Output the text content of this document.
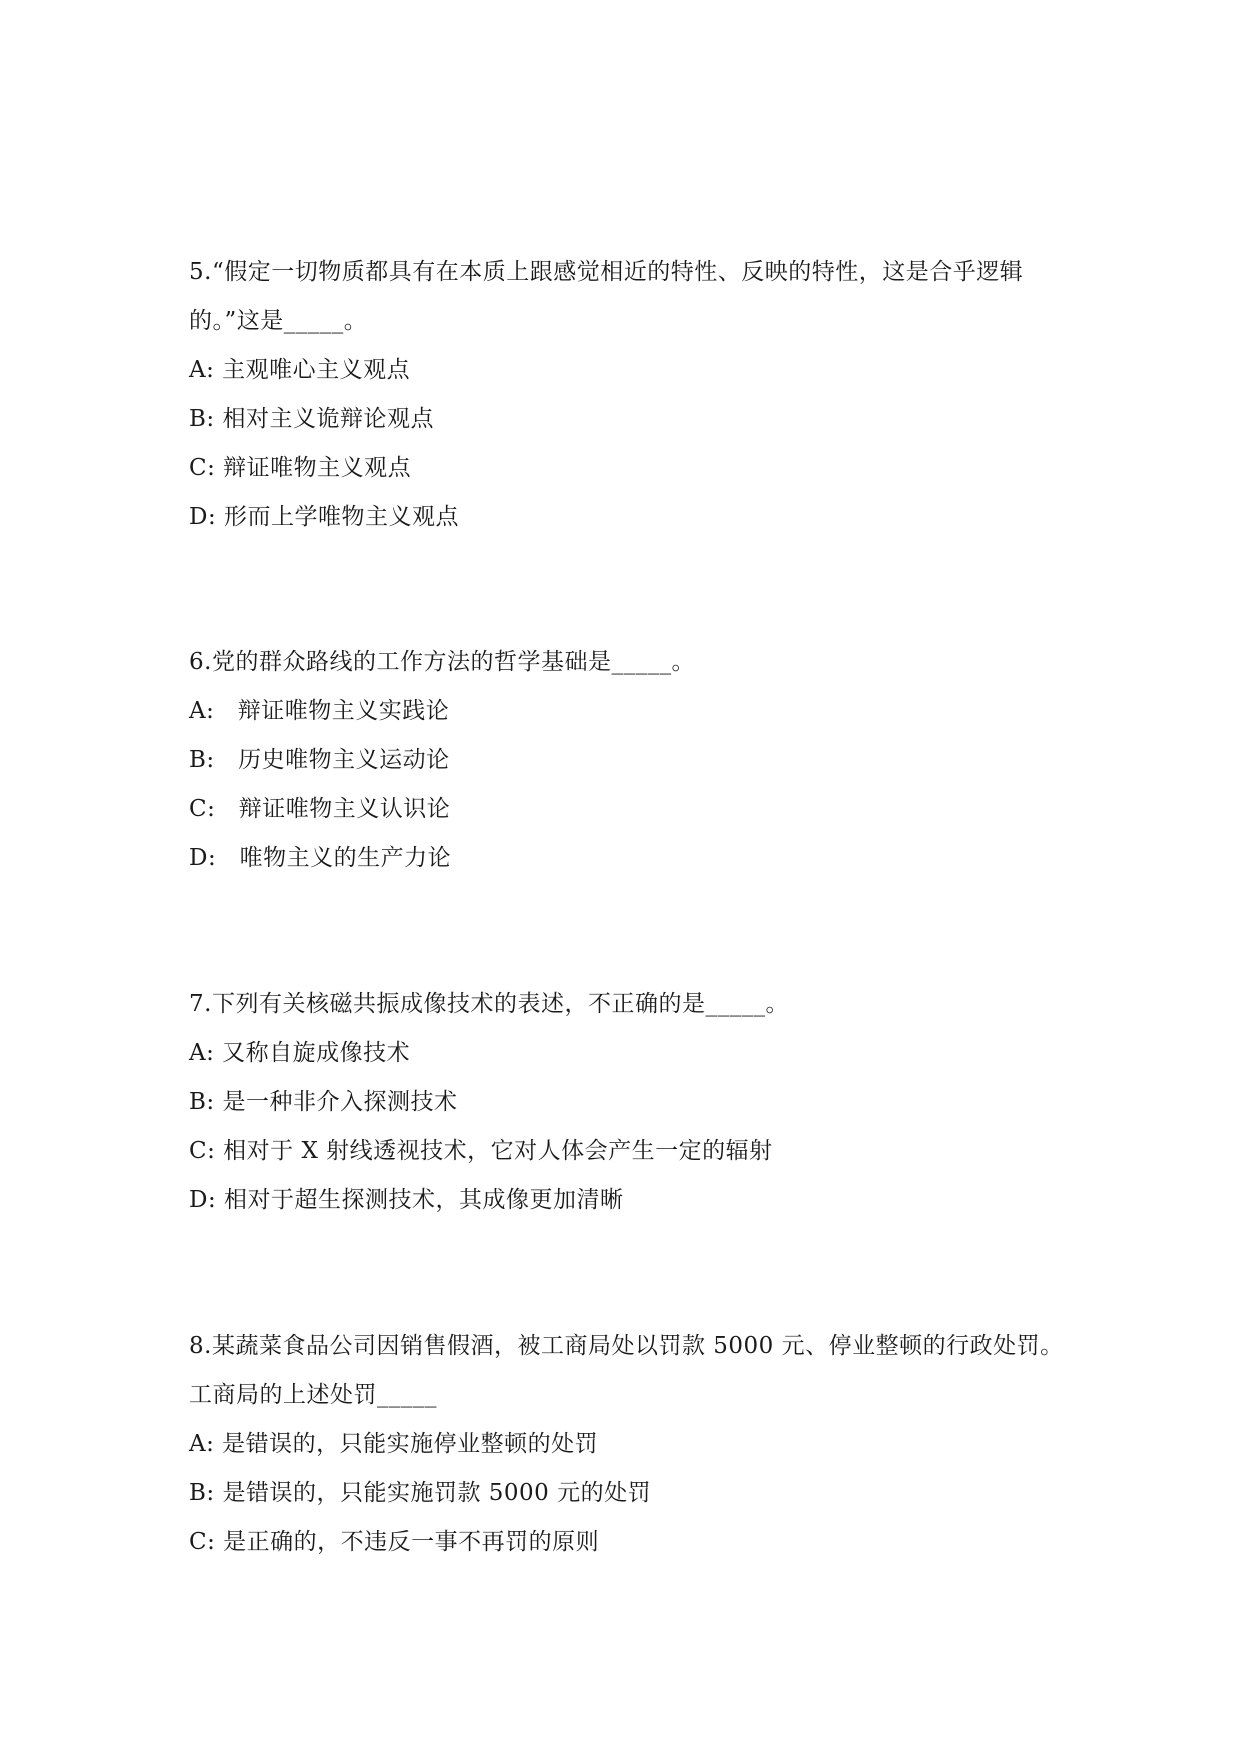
5.“假定一切物质都具有在本质上跟感觉相近的特性、反映的特性，这是合乎逻辑的。”这是_____。

A: 主观唯心主义观点

B: 相对主义诡辩论观点

C: 辩证唯物主义观点

D: 形而上学唯物主义观点

6.党的群众路线的工作方法的哲学基础是_____。

A:   辩证唯物主义实践论

B:   历史唯物主义运动论

C:   辩证唯物主义认识论

D:   唯物主义的生产力论

7.下列有关核磁共振成像技术的表述，不正确的是_____。

A: 又称自旋成像技术

B: 是一种非介入探测技术

C: 相对于 X 射线透视技术，它对人体会产生一定的辐射

D: 相对于超生探测技术，其成像更加清晰

8.某蔬菜食品公司因销售假酒，被工商局处以罚款 5000 元、停业整顿的行政处罚。工商局的上述处罚_____

A: 是错误的，只能实施停业整顿的处罚

B: 是错误的，只能实施罚款 5000 元的处罚

C: 是正确的，不违反一事不再罚的原则
